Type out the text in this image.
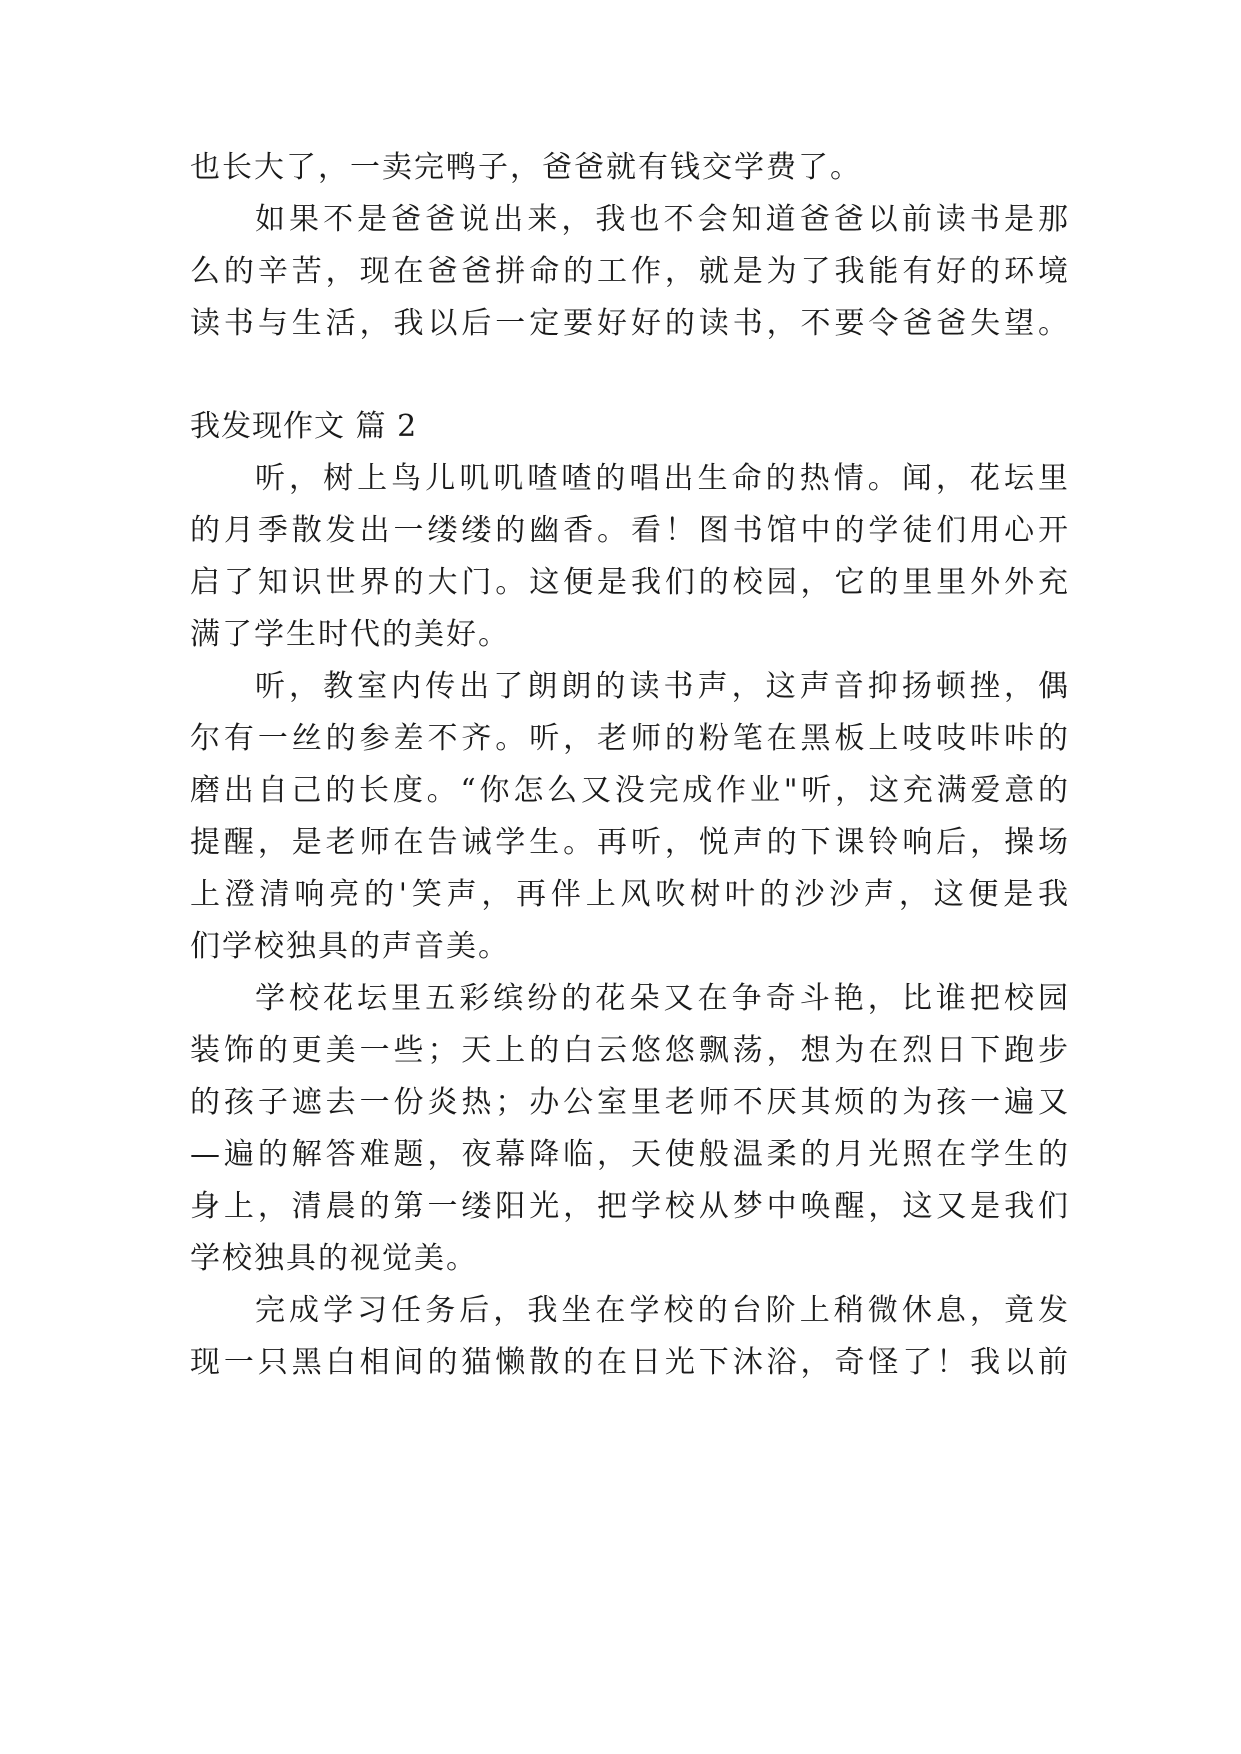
也长大了，一卖完鸭子，爸爸就有钱交学费了。
如果不是爸爸说出来，我也不会知道爸爸以前读书是那
么的辛苦，现在爸爸拼命的工作，就是为了我能有好的环境
读书与生活，我以后一定要好好的读书，不要令爸爸失望。
我发现作文 篇 2
听，树上鸟儿叽叽喳喳的唱出生命的热情。闻，花坛里
的月季散发出一缕缕的幽香。看！图书馆中的学徒们用心开
启了知识世界的大门。这便是我们的校园，它的里里外外充
满了学生时代的美好。
听，教室内传出了朗朗的读书声，这声音抑扬顿挫，偶
尔有一丝的参差不齐。听，老师的粉笔在黑板上吱吱咔咔的
磨出自己的长度。“你怎么又没完成作业"听，这充满爱意的
提醒，是老师在告诫学生。再听，悦声的下课铃响后，操场
上澄清响亮的'笑声，再伴上风吹树叶的沙沙声，这便是我
们学校独具的声音美。
学校花坛里五彩缤纷的花朵又在争奇斗艳，比谁把校园
装饰的更美一些；天上的白云悠悠飘荡，想为在烈日下跑步
的孩子遮去一份炎热；办公室里老师不厌其烦的为孩一遍又
—遍的解答难题，夜幕降临，天使般温柔的月光照在学生的
身上，清晨的第一缕阳光，把学校从梦中唤醒，这又是我们
学校独具的视觉美。
完成学习任务后，我坐在学校的台阶上稍微休息，竟发
现一只黑白相间的猫懒散的在日光下沐浴，奇怪了！我以前
